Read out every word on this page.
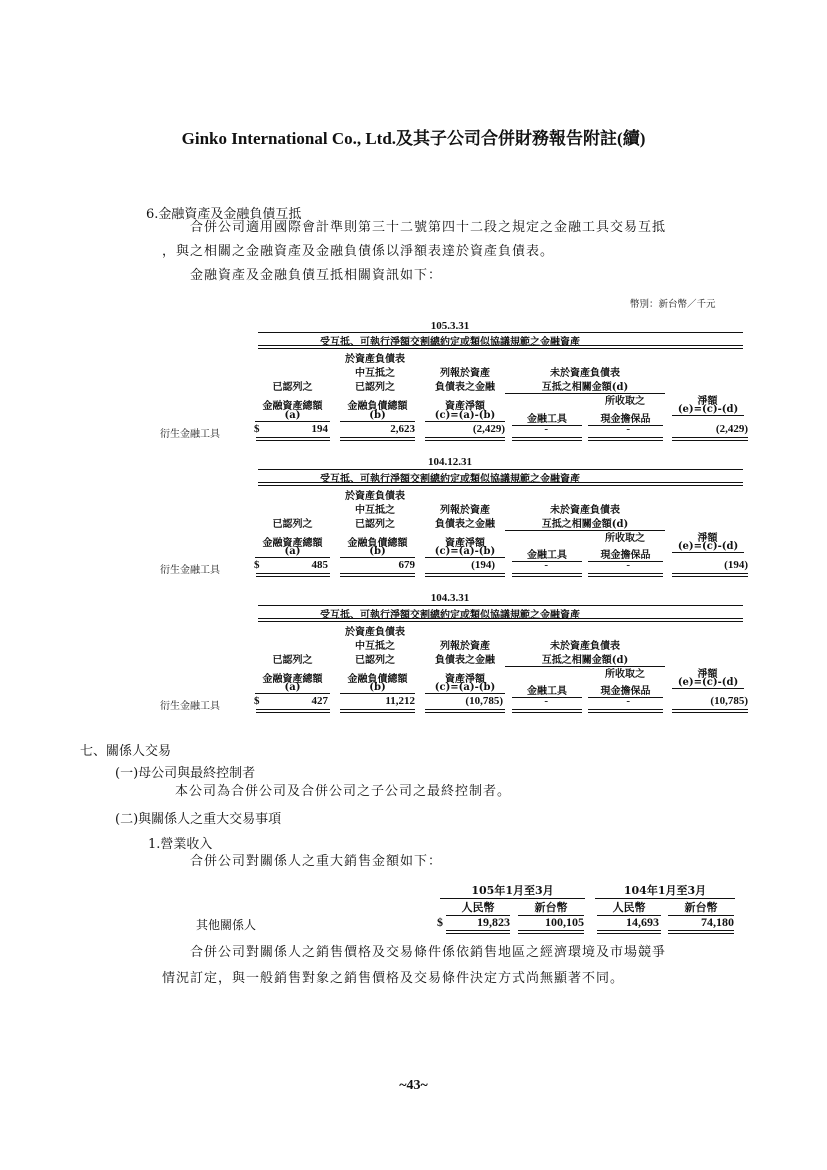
Ginko International Co., Ltd.及其子公司合併財務報告附註(續)
6.金融資產及金融負債互抵
合併公司適用國際會計準則第三十二號第四十二段之規定之金融工具交易互抵
，與之相關之金融資產及金融負債係以淨額表達於資產負債表。
金融資產及金融負債互抵相關資訊如下：
幣別：新台幣／千元
105.3.31
受互抵、可執行淨額交割總約定或類似協議規範之金融資產
於資產負債表
中互抵之	列報於資產	未於資產負債表
已認列之	已認列之	負債表之金融	互抵之相關金額(d)
所收取之	淨額
金融資產總額	金融負債總額	資產淨額
(a)	(b)	(c)=(a)-(b)	金融工具	現金擔保品
(e)=(c)-(d)
衍生金融工具	$	194	2,623	(2,429)	-	-	(2,429)
104.12.31
受互抵、可執行淨額交割總約定或類似協議規範之金融資產
於資產負債表
中互抵之	列報於資產	未於資產負債表
已認列之	已認列之	負債表之金融	互抵之相關金額(d)
所收取之	淨額
金融資產總額	金融負債總額	資產淨額
(a)	(b)	(c)=(a)-(b)	金融工具	現金擔保品
(e)=(c)-(d)
衍生金融工具	$	485	679	(194)	-	-	(194)
104.3.31
受互抵、可執行淨額交割總約定或類似協議規範之金融資產
於資產負債表
中互抵之	列報於資產	未於資產負債表
已認列之	已認列之	負債表之金融	互抵之相關金額(d)
所收取之	淨額
金融資產總額	金融負債總額	資產淨額
(a)	(b)	(c)=(a)-(b)	金融工具	現金擔保品
(e)=(c)-(d)
衍生金融工具	$	427	11,212	(10,785)	-	-	(10,785)
七、關係人交易
(一)母公司與最終控制者
本公司為合併公司及合併公司之子公司之最終控制者。
(二)與關係人之重大交易事項
1.營業收入
合併公司對關係人之重大銷售金額如下：
105年1月至3月	104年1月至3月
人民幣	新台幣	人民幣	新台幣
其他關係人	$	19,823	100,105	14,693	74,180
合併公司對關係人之銷售價格及交易條件係依銷售地區之經濟環境及市場競爭
情況訂定，與一般銷售對象之銷售價格及交易條件決定方式尚無顯著不同。
~43~
